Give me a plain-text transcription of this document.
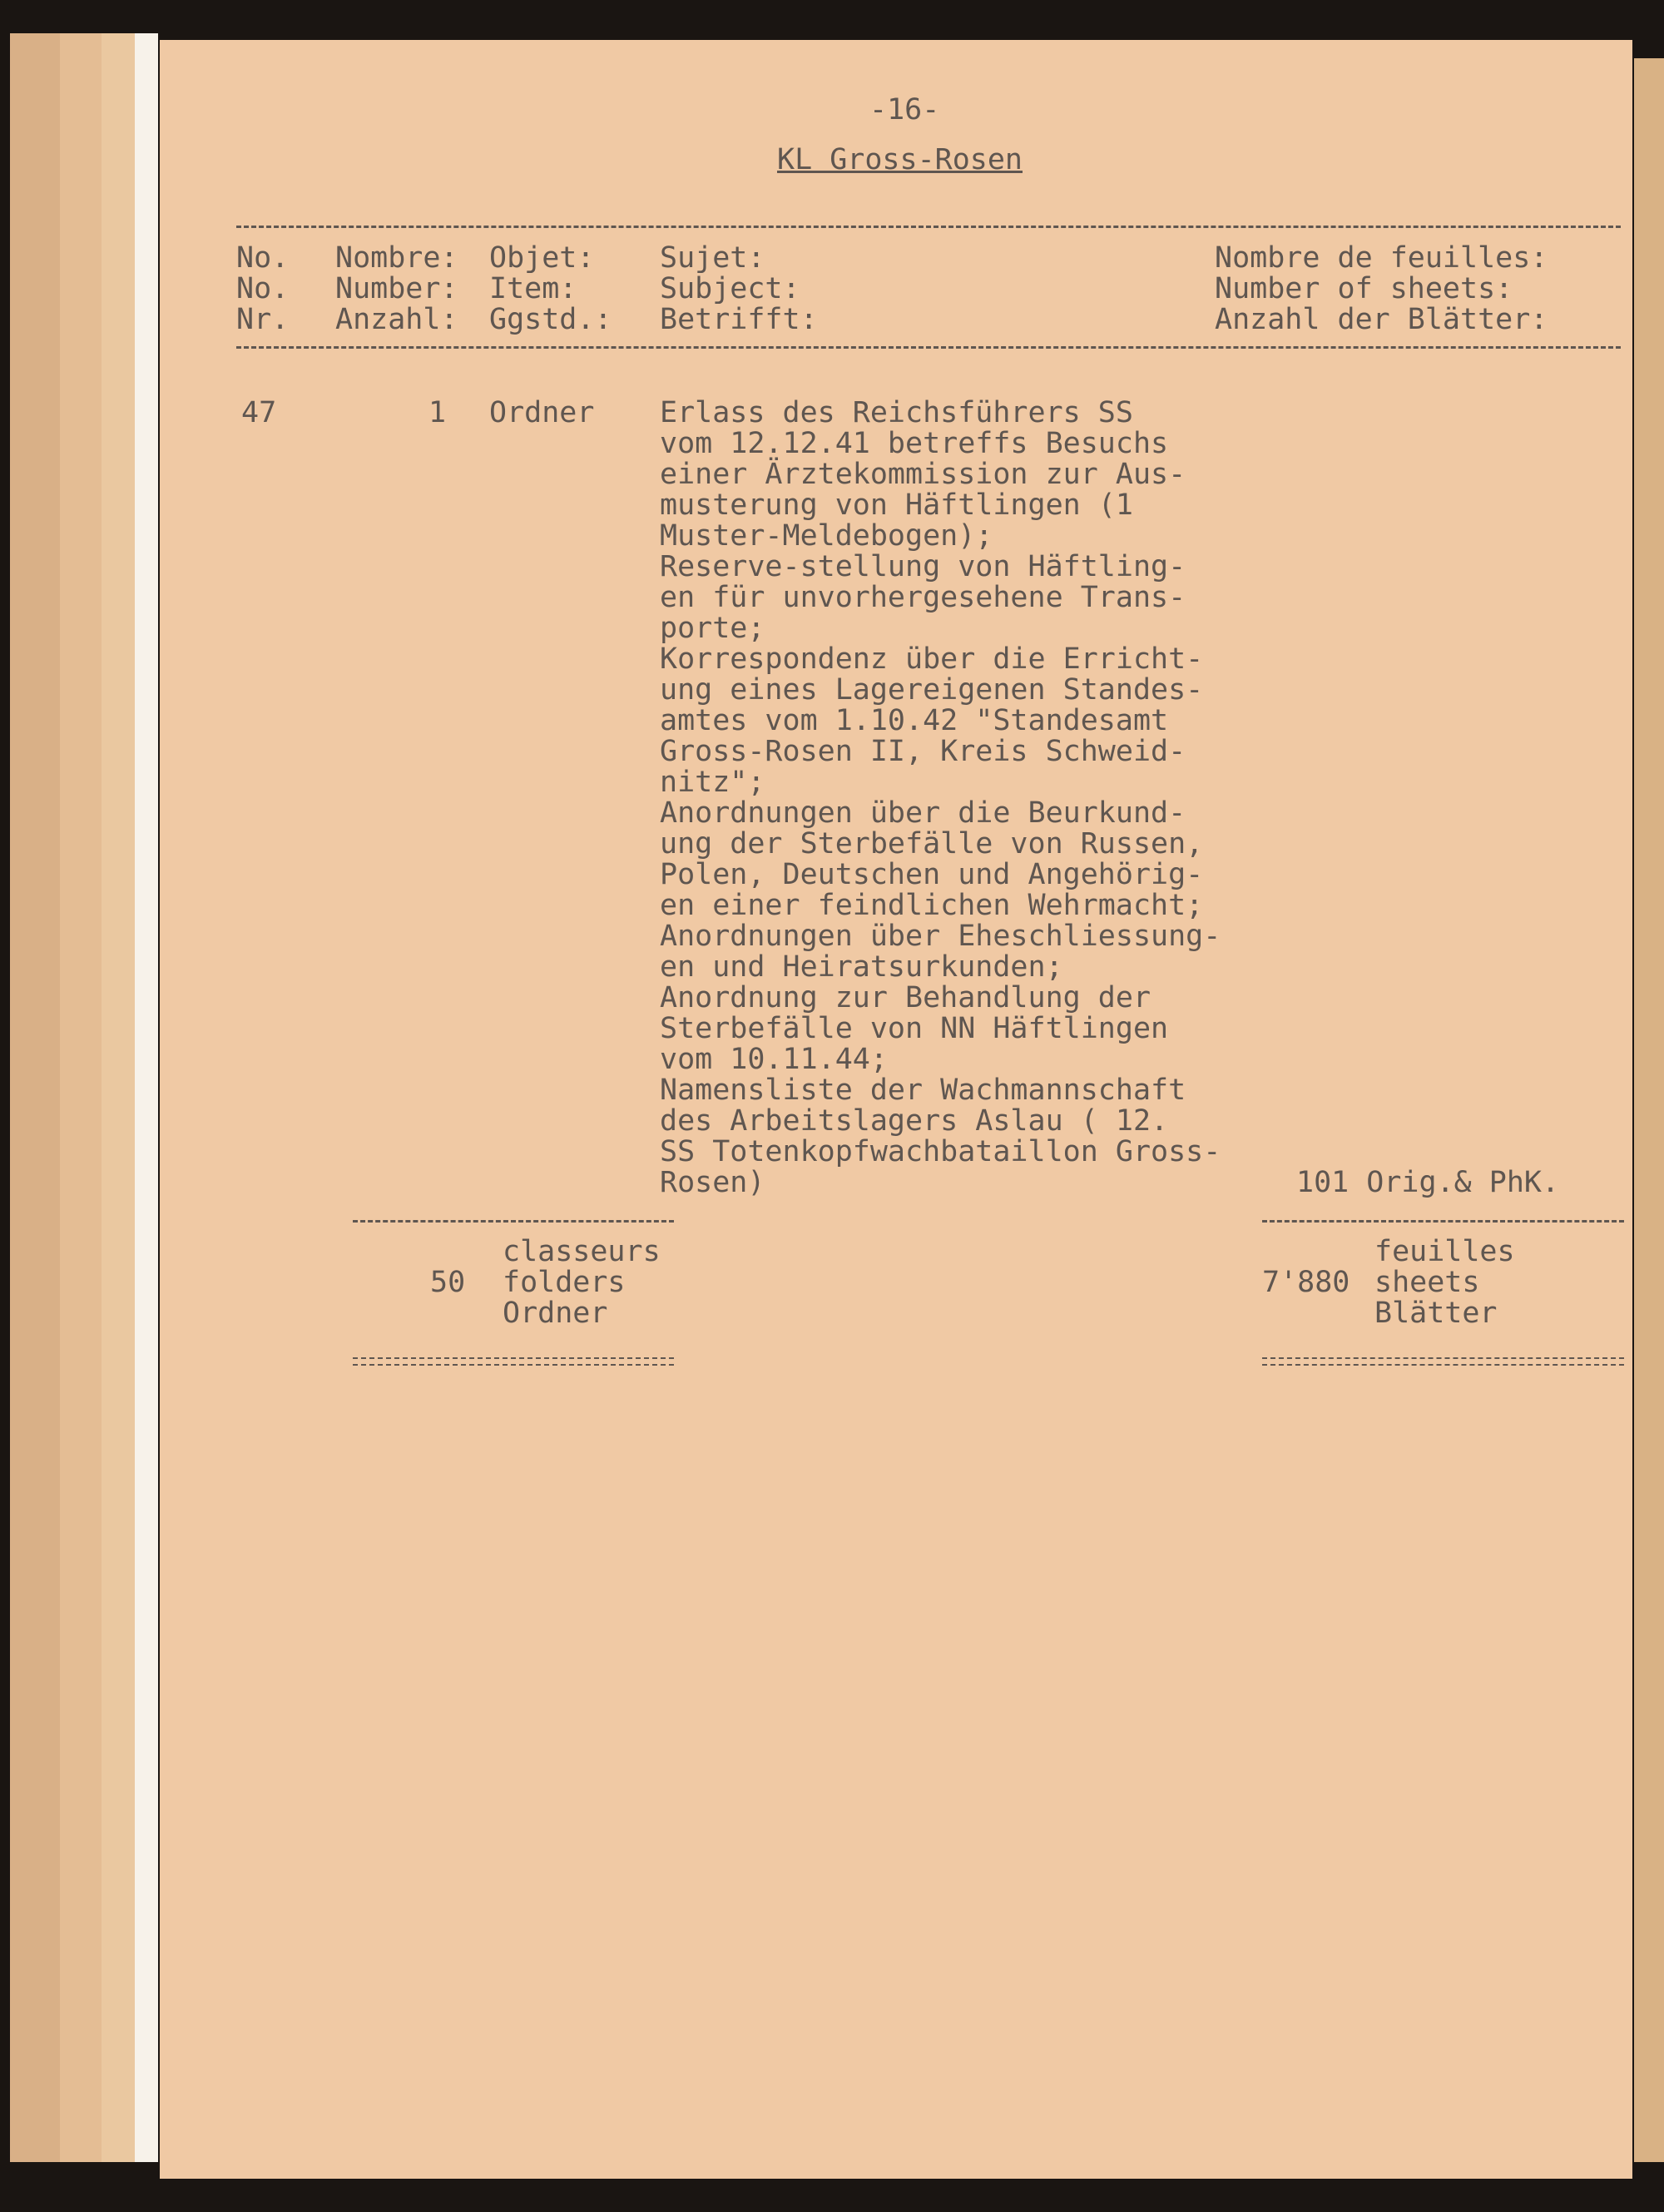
-16-
KL Gross-Rosen
No.
No.
Nr.
Nombre:
Number:
Anzahl:
Objet:
Item:
Ggstd.:
Sujet:
Subject:
Betrifft:
Nombre de feuilles:
Number of sheets:
Anzahl der Blätter:
47	1 Ordner Erlass des Reichsführers SS
vom 12.12.41 betreffs Besuchs
einer Ärztekommission zur Aus-
musterung von Häftlingen (1
Muster-Meldebogen);
Reserve-stellung von Häftling-
en für unvorhergesehene Trans-
porte;
Korrespondenz über die Erricht-
ung eines Lagereigenen Standes-
amtes vom 1.10.42 "Standesamt
Gross-Rosen II, Kreis Schweid-
nitz";
Anordnungen über die Beurkund-
ung der Sterbefälle von Russen,
Polen, Deutschen und Angehörig-
en einer feindlichen Wehrmacht;
Anordnungen über Eheschliessung-
en und Heiratsurkunden;
Anordnung zur Behandlung der
Sterbefälle von NN Häftlingen
vom 10.11.44;
Namensliste der Wachmannschaft
des Arbeitslagers Aslau ( 12.
SS Totenkopfwachbataillon Gross-
Rosen)	101 Orig.& PhK.
classeurs
50 folders
Ordner
feuilles
7'880 sheets
Blätter
